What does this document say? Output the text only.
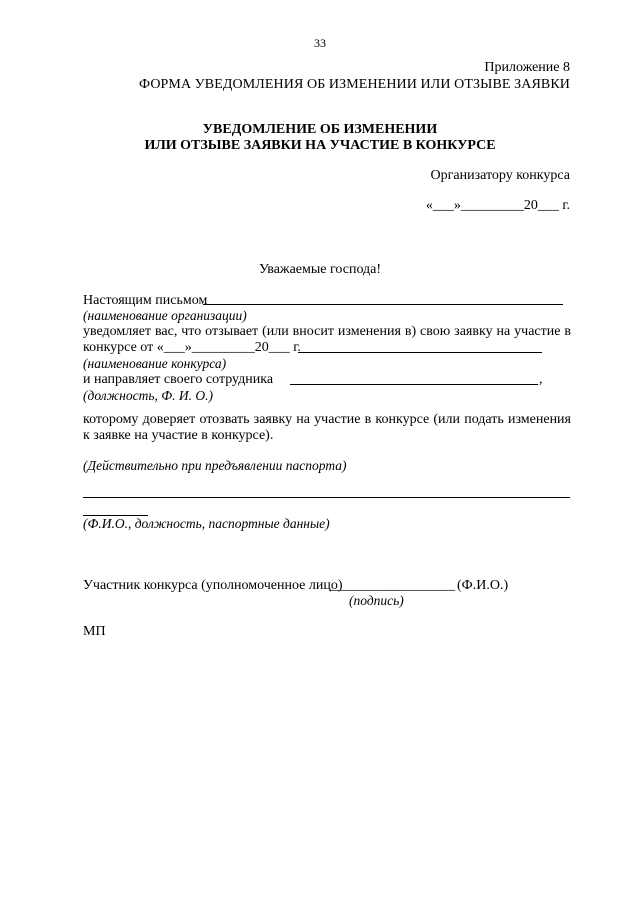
33
Приложение 8
ФОРМА УВЕДОМЛЕНИЯ ОБ ИЗМЕНЕНИИ ИЛИ ОТЗЫВЕ ЗАЯВКИ
УВЕДОМЛЕНИЕ ОБ ИЗМЕНЕНИИ
ИЛИ ОТЗЫВЕ ЗАЯВКИ НА УЧАСТИЕ В КОНКУРСЕ
Организатору конкурса
«___»_________20___ г.
Уважаемые господа!
Настоящим письмом
(наименование организации)
уведомляет вас, что отзывает (или вносит изменения в) свою заявку на участие в
конкурсе от «___»_________20___ г.
(наименование конкурса)
и направляет своего сотрудника	,
(должность, Ф. И. О.)
которому доверяет отозвать заявку на участие в конкурсе (или подать изменения к заявке на участие в конкурсе).
(Действительно при предъявлении паспорта)
(Ф.И.О., должность, паспортные данные)
Участник конкурса (уполномоченное лицо)
__________________ (Ф.И.О.)
(подпись)
МП
